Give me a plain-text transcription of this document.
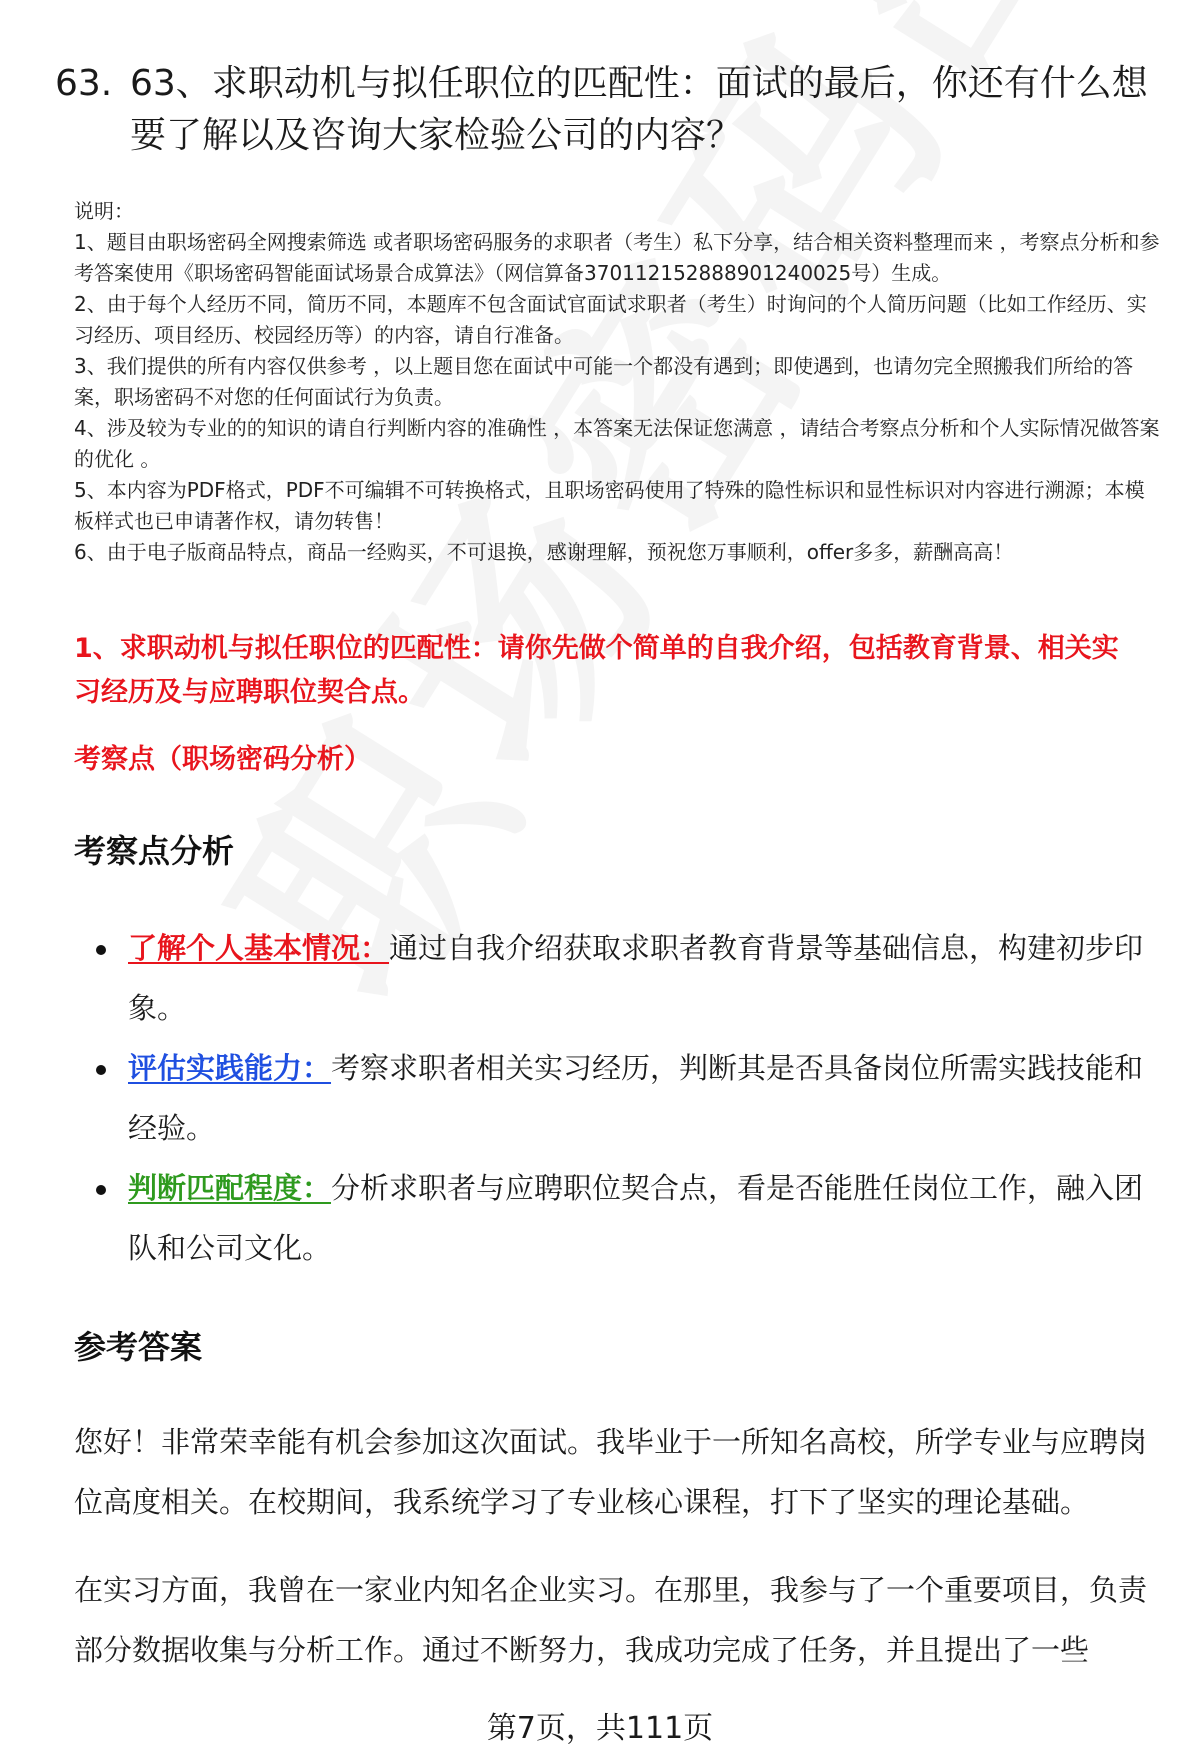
63. 63、求职动机与拟任职位的匹配性：面试的最后，你还有什么想要了解以及咨询大家检验公司的内容？

说明：

1、题目由职场密码全网搜索筛选 或者职场密码服务的求职者（考生）私下分享，结合相关资料整理而来 ，考察点分析和参考答案使用《职场密码智能面试场景合成算法》（网信算备370112152888901240025号）生成。

2、由于每个人经历不同，简历不同，本题库不包含面试官面试求职者（考生）时询问的个人简历问题（比如工作经历、实习经历、项目经历、校园经历等）的内容，请自行准备。

3、我们提供的所有内容仅供参考 ，以上题目您在面试中可能一个都没有遇到；即使遇到，也请勿完全照搬我们所给的答案，职场密码不对您的任何面试行为负责。

4、涉及较为专业的的知识的请自行判断内容的准确性 ，本答案无法保证您满意 ，请结合考察点分析和个人实际情况做答案的优化 。

5、本内容为PDF格式，PDF不可编辑不可转换格式，且职场密码使用了特殊的隐性标识和显性标识对内容进行溯源；本模板样式也已申请著作权，请勿转售！

6、由于电子版商品特点，商品一经购买，不可退换，感谢理解，预祝您万事顺利，offer多多，薪酬高高！

1、求职动机与拟任职位的匹配性：请你先做个简单的自我介绍，包括教育背景、相关实习经历及与应聘职位契合点。
考察点（职场密码分析）
考察点分析
了解个人基本情况：通过自我介绍获取求职者教育背景等基础信息，构建初步印象。
评估实践能力：考察求职者相关实习经历，判断其是否具备岗位所需实践技能和经验。
判断匹配程度：分析求职者与应聘职位契合点，看是否能胜任岗位工作，融入团队和公司文化。
参考答案

您好！非常荣幸能有机会参加这次面试。我毕业于一所知名高校，所学专业与应聘岗位高度相关。在校期间，我系统学习了专业核心课程，打下了坚实的理论基础。

在实习方面，我曾在一家业内知名企业实习。在那里，我参与了一个重要项目，负责部分数据收集与分析工作。通过不断努力，我成功完成了任务，并且提出了一些

第7页，共111页
